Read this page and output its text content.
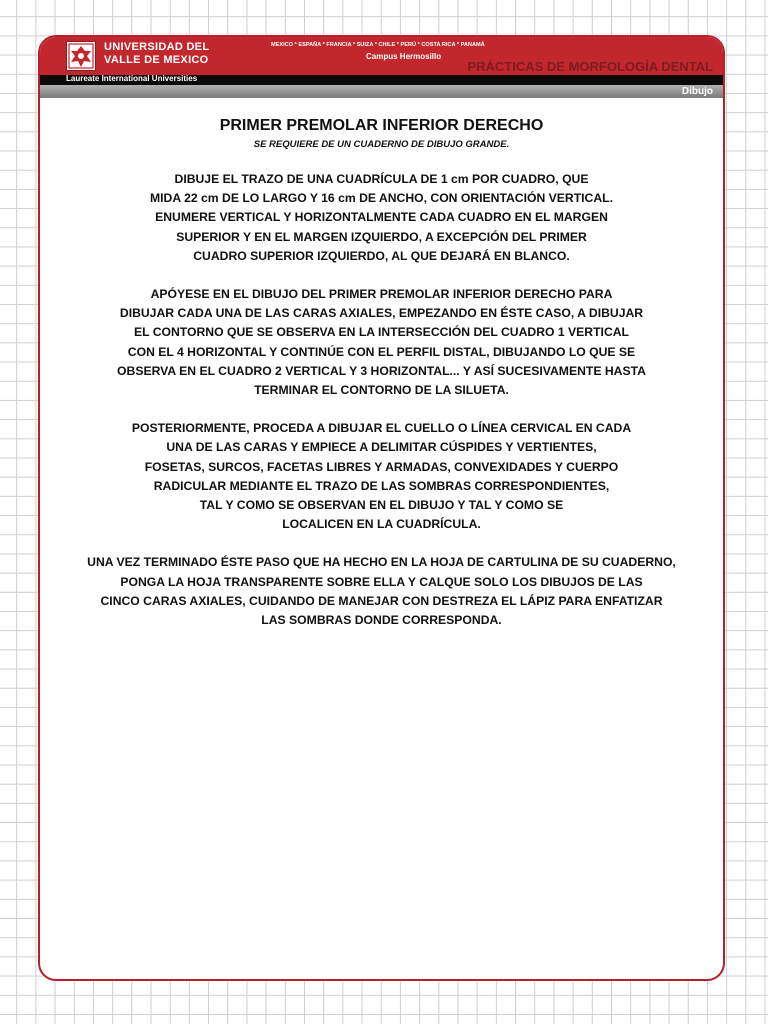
UNIVERSIDAD DEL
VALLE DE MEXICO
MEXICO * ESPAÑA * FRANCIA * SUIZA * CHILE * PERÚ * COSTA RICA * PANAMÁ
Campus Hermosillo
PRÁCTICAS DE MORFOLOGÍA DENTAL
Laureate International Universities
Dibujo
PRIMER PREMOLAR INFERIOR DERECHO

SE REQUIERE DE UN CUADERNO DE DIBUJO GRANDE.

DIBUJE EL TRAZO DE UNA CUADRÍCULA DE 1 cm POR CUADRO, QUE
MIDA 22 cm DE LO LARGO Y 16 cm DE ANCHO, CON ORIENTACIÓN VERTICAL.
ENUMERE VERTICAL Y HORIZONTALMENTE CADA CUADRO EN EL MARGEN
SUPERIOR Y EN EL MARGEN IZQUIERDO, A EXCEPCIÓN DEL PRIMER
CUADRO SUPERIOR IZQUIERDO, AL QUE DEJARÁ EN BLANCO.

APÓYESE EN EL DIBUJO DEL PRIMER PREMOLAR INFERIOR DERECHO PARA
DIBUJAR CADA UNA DE LAS CARAS AXIALES, EMPEZANDO EN ÉSTE CASO, A DIBUJAR
EL CONTORNO QUE SE OBSERVA EN LA INTERSECCIÓN DEL CUADRO 1 VERTICAL
CON EL 4 HORIZONTAL Y CONTINÚE CON EL PERFIL DISTAL, DIBUJANDO LO QUE SE
OBSERVA EN EL CUADRO 2 VERTICAL Y 3 HORIZONTAL... Y ASÍ SUCESIVAMENTE HASTA
TERMINAR EL CONTORNO DE LA SILUETA.

POSTERIORMENTE, PROCEDA A DIBUJAR EL CUELLO O LÍNEA CERVICAL EN CADA
UNA DE LAS CARAS Y EMPIECE A DELIMITAR CÚSPIDES Y VERTIENTES,
FOSETAS, SURCOS, FACETAS LIBRES Y ARMADAS, CONVEXIDADES Y CUERPO
RADICULAR MEDIANTE EL TRAZO DE LAS SOMBRAS CORRESPONDIENTES,
TAL Y COMO SE OBSERVAN EN EL DIBUJO Y TAL Y COMO SE
LOCALICEN EN LA CUADRÍCULA.

UNA VEZ TERMINADO ÉSTE PASO QUE HA HECHO EN LA HOJA DE CARTULINA DE SU CUADERNO,
PONGA LA HOJA TRANSPARENTE SOBRE ELLA Y CALQUE SOLO LOS DIBUJOS DE LAS
CINCO CARAS AXIALES, CUIDANDO DE MANEJAR CON DESTREZA EL LÁPIZ PARA ENFATIZAR
LAS SOMBRAS DONDE CORRESPONDA.
